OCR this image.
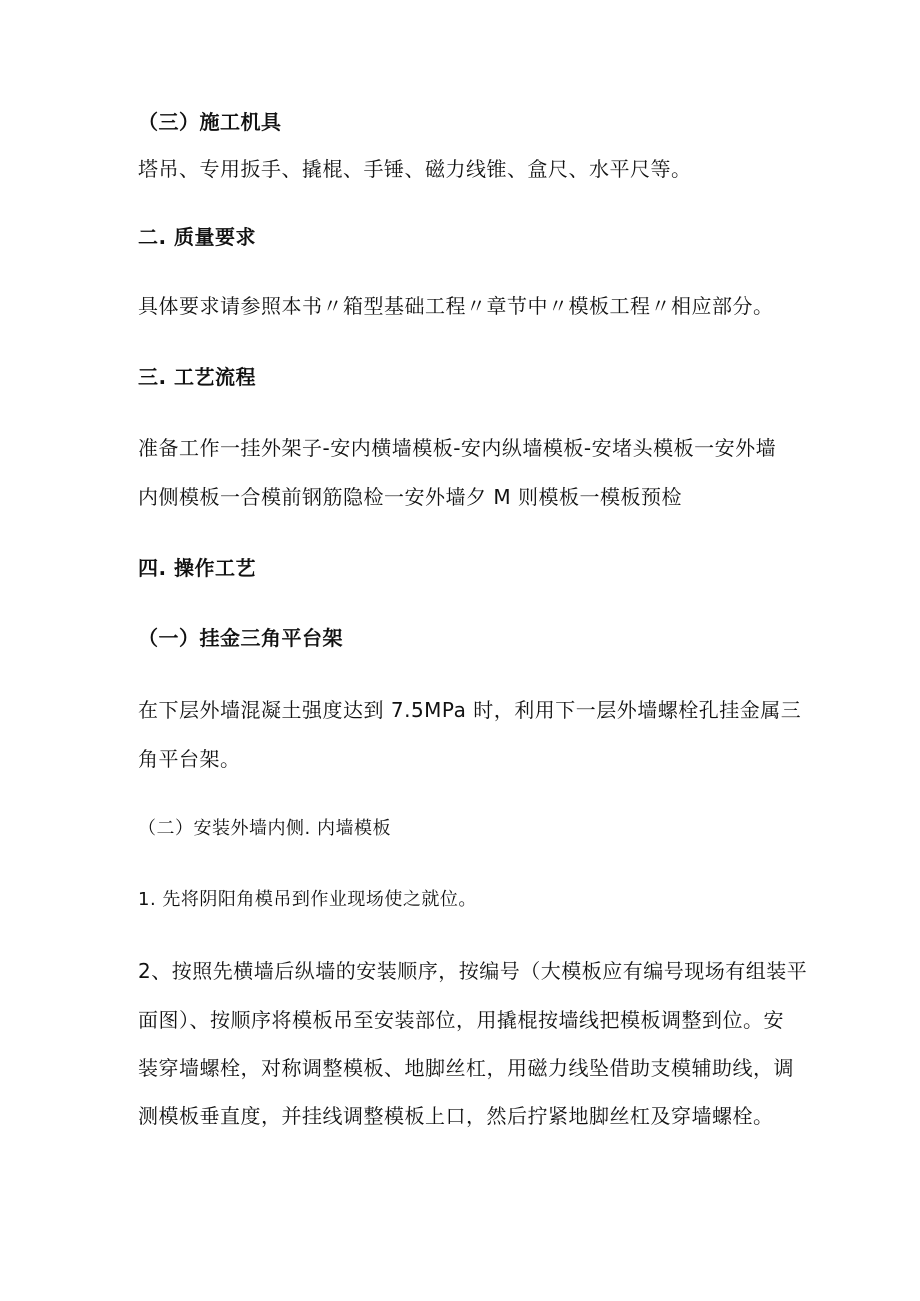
（三）施工机具
塔吊、专用扳手、撬棍、手锤、磁力线锥、盒尺、水平尺等。
二. 质量要求
具体要求请参照本书〃箱型基础工程〃章节中〃模板工程〃相应部分。
三. 工艺流程
准备工作一挂外架子-安内横墙模板-安内纵墙模板-安堵头模板一安外墙
内侧模板一合模前钢筋隐检一安外墙夕 M 则模板一模板预检
四. 操作工艺
（一）挂金三角平台架
在下层外墙混凝土强度达到 7.5MPa 时，利用下一层外墙螺栓孔挂金属三
角平台架。
（二）安装外墙内侧. 内墙模板
1. 先将阴阳角模吊到作业现场使之就位。
2、按照先横墙后纵墙的安装顺序，按编号（大模板应有编号现场有组装平
面图）、按顺序将模板吊至安装部位，用撬棍按墙线把模板调整到位。安
装穿墙螺栓，对称调整模板、地脚丝杠，用磁力线坠借助支模辅助线，调
测模板垂直度，并挂线调整模板上口，然后拧紧地脚丝杠及穿墙螺栓。
